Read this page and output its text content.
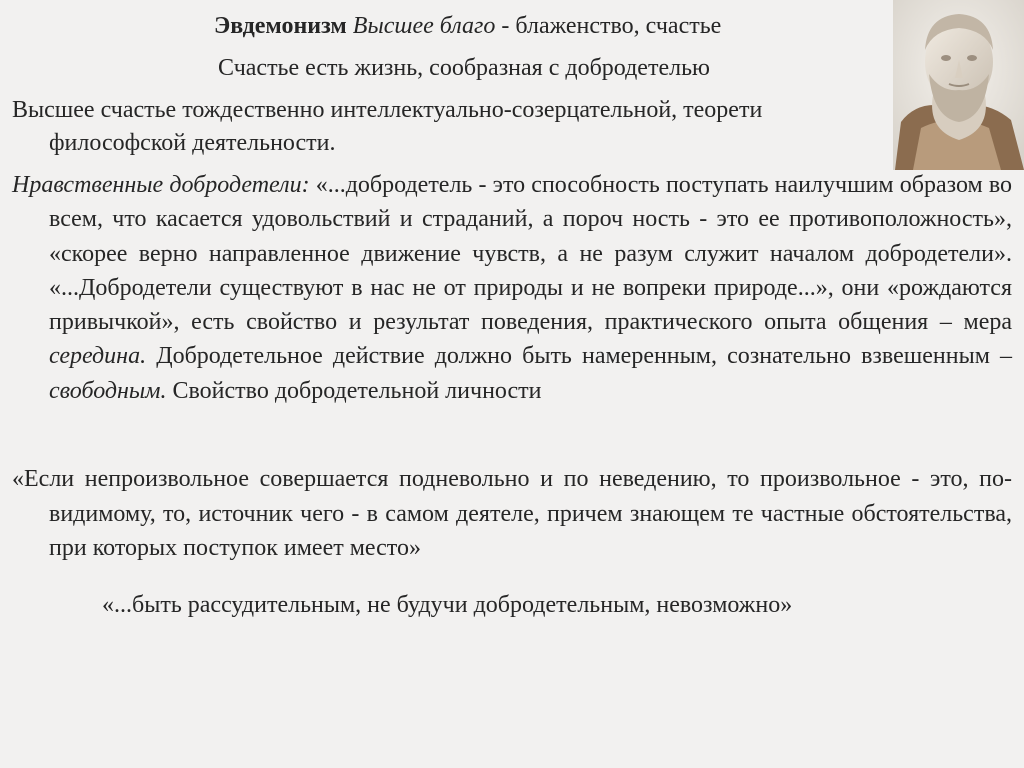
Эвдемонизм Высшее благо - блаженство, счастье
Счастье есть жизнь, сообразная с добродетелью
Высшее счастье тождественно интеллектуально-созерцательной, теорети
философской деятельности.

Нравственные добродетели: «...добродетель - это способность поступать наилучшим образом во всем, что касается удовольствий и страданий, а пороч ность - это ее противоположность», «скорее верно направленное движение чувств, а не разум служит началом добродетели». «...Добродетели существуют в нас не от природы и не вопреки природе...», они «рождаются привычкой», есть свойство и результат поведения, практического опыта общения – мера середина. Добродетельное действие должно быть намеренным, сознательно взвешенным – свободным. Свойство добродетельной личности

«Если непроизвольное совершается подневольно и по неведению, то произвольное - это, по-видимому, то, источник чего - в самом деятеле, причем знающем те частные обстоятельства, при которых поступок имеет место»

«...быть рассудительным, не будучи добродетельным, невозможно»
